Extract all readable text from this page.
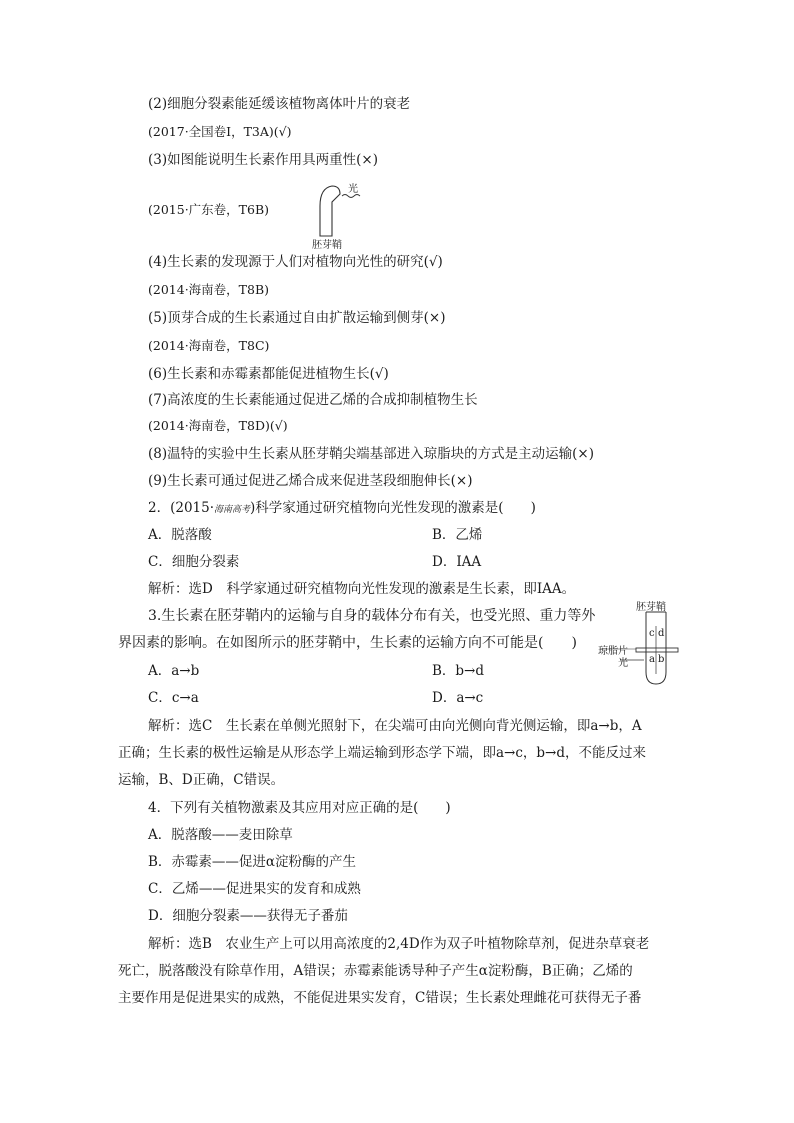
(2)细胞分裂素能延缓该植物离体叶片的衰老
(2017·全国卷Ⅰ，T3A)(√)
(3)如图能说明生长素作用具两重性(×)
(2015·广东卷，T6B)
光
胚芽鞘
(4)生长素的发现源于人们对植物向光性的研究(√)
(2014·海南卷，T8B)
(5)顶芽合成的生长素通过自由扩散运输到侧芽(×)
(2014·海南卷，T8C)
(6)生长素和赤霉素都能促进植物生长(√)
(7)高浓度的生长素能通过促进乙烯的合成抑制植物生长
(2014·海南卷，T8D)(√)
(8)温特的实验中生长素从胚芽鞘尖端基部进入琼脂块的方式是主动运输(×)
(9)生长素可通过促进乙烯合成来促进茎段细胞伸长(×)
2．(2015·海南高考)科学家通过研究植物向光性发现的激素是(　　)
A．脱落酸	B．乙烯
C．细胞分裂素	D．IAA
解析：选D　科学家通过研究植物向光性发现的激素是生长素，即IAA。
3.生长素在胚芽鞘内的运输与自身的载体分布有关，也受光照、重力等外
界因素的影响。在如图所示的胚芽鞘中，生长素的运输方向不可能是(　　)
A．a→b	B．b→d
C．c→a	D．a→c
胚芽鞘
琼脂片
光
c d
a b
解析：选C　生长素在单侧光照射下，在尖端可由向光侧向背光侧运输，即a→b，A
正确；生长素的极性运输是从形态学上端运输到形态学下端，即a→c，b→d，不能反过来
运输，B、D正确，C错误。
4．下列有关植物激素及其应用对应正确的是(　　)
A．脱落酸——麦田除草
B．赤霉素——促进α淀粉酶的产生
C．乙烯——促进果实的发育和成熟
D．细胞分裂素——获得无子番茄
解析：选B　农业生产上可以用高浓度的2,4D作为双子叶植物除草剂，促进杂草衰老
死亡，脱落酸没有除草作用，A错误；赤霉素能诱导种子产生α淀粉酶，B正确；乙烯的
主要作用是促进果实的成熟，不能促进果实发育，C错误；生长素处理雌花可获得无子番
